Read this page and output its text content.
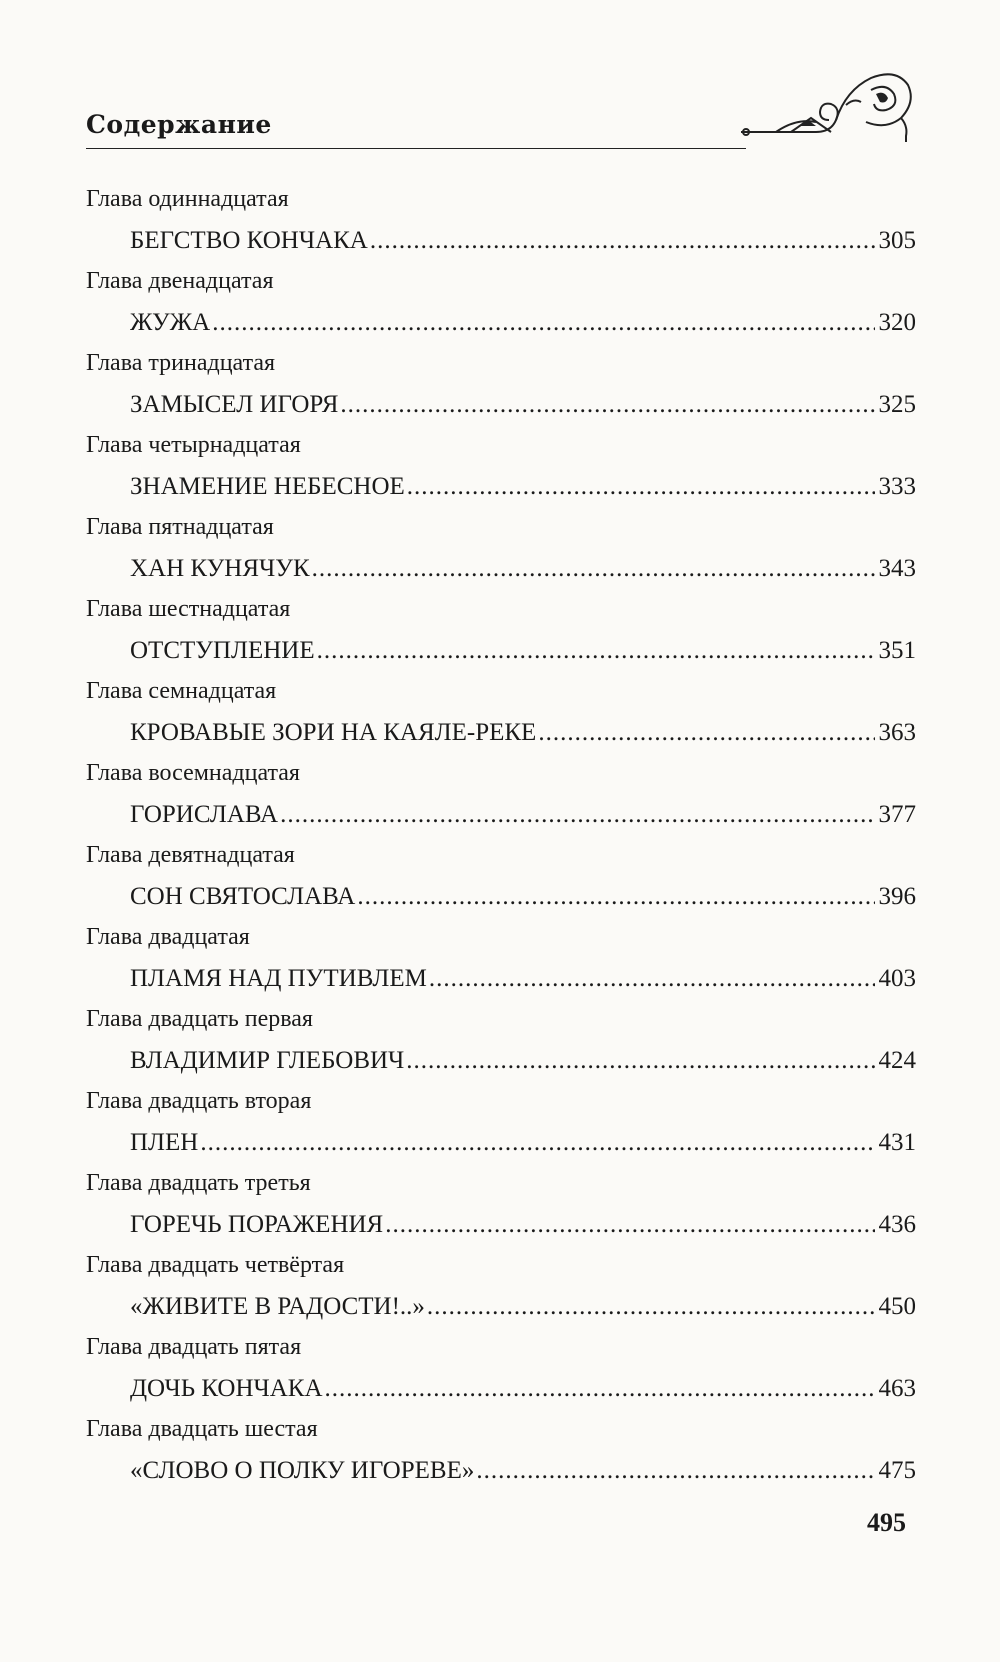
Содержание
Глава одиннадцатая
БЕГСТВО КОНЧАКА .....	305
Глава двенадцатая
ЖУЖА .....	320
Глава тринадцатая
ЗАМЫСЕЛ ИГОРЯ .....	325
Глава четырнадцатая
ЗНАМЕНИЕ НЕБЕСНОЕ .....	333
Глава пятнадцатая
ХАН КУНЯЧУК .....	343
Глава шестнадцатая
ОТСТУПЛЕНИЕ .....	351
Глава семнадцатая
КРОВАВЫЕ ЗОРИ НА КАЯЛЕ-РЕКЕ .....	363
Глава восемнадцатая
ГОРИСЛАВА .....	377
Глава девятнадцатая
СОН СВЯТОСЛАВА .....	396
Глава двадцатая
ПЛАМЯ НАД ПУТИВЛЕМ .....	403
Глава двадцать первая
ВЛАДИМИР ГЛЕБОВИЧ .....	424
Глава двадцать вторая
ПЛЕН .....	431
Глава двадцать третья
ГОРЕЧЬ ПОРАЖЕНИЯ .....	436
Глава двадцать четвёртая
«ЖИВИТЕ В РАДОСТИ!..» .....	450
Глава двадцать пятая
ДОЧЬ КОНЧАКА .....	463
Глава двадцать шестая
«СЛОВО О ПОЛКУ ИГОРЕВЕ» .....	475
495
